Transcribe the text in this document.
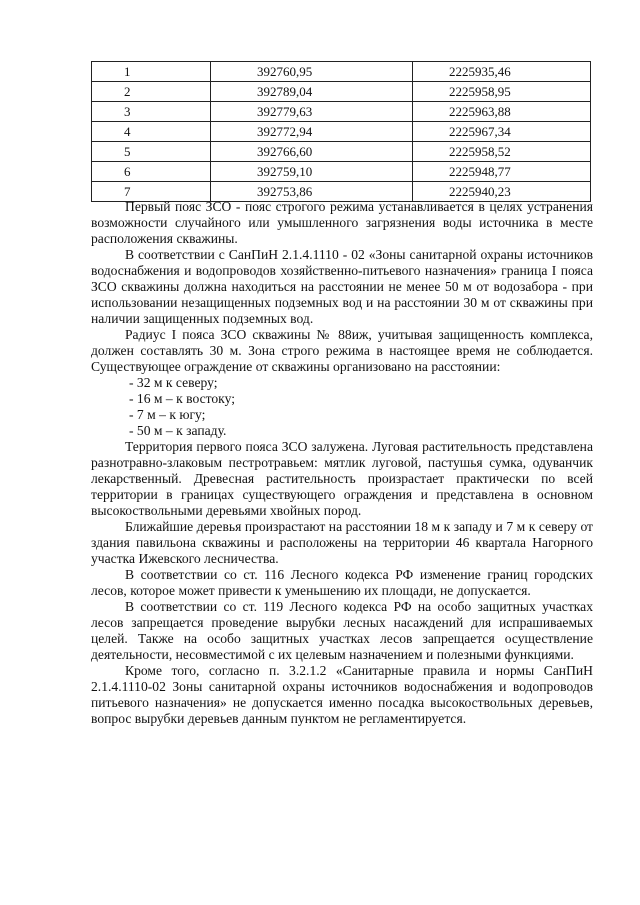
1	392760,95	2225935,46
2	392789,04	2225958,95
3	392779,63	2225963,88
4	392772,94	2225967,34
5	392766,60	2225958,52
6	392759,10	2225948,77
7	392753,86	2225940,23

Первый пояс ЗСО - пояс строгого режима устанавливается в целях устранения возможности случайного или умышленного загрязнения воды источника в месте расположения скважины.

В соответствии с СанПиН 2.1.4.1110 - 02 «Зоны санитарной охраны источников водоснабжения и водопроводов хозяйственно-питьевого назначения» граница I пояса ЗСО скважины должна находиться на расстоянии не менее 50 м от водозабора - при использовании незащищенных подземных вод и на расстоянии 30 м от скважины при наличии защищенных подземных вод.

Радиус I пояса ЗСО скважины № 88иж, учитывая защищенность комплекса, должен составлять 30 м. Зона строго режима в настоящее время не соблюдается. Существующее ограждение от скважины организовано на расстоянии:

- 32 м к северу;
- 16 м – к востоку;
- 7 м – к югу;
- 50 м – к западу.

Территория первого пояса ЗСО залужена. Луговая растительность представлена разнотравно-злаковым пестротравьем: мятлик луговой, пастушья сумка, одуванчик лекарственный. Древесная растительность произрастает практически по всей территории в границах существующего ограждения и представлена в основном высокоствольными деревьями хвойных пород.

Ближайшие деревья произрастают на расстоянии 18 м к западу и 7 м к северу от здания павильона скважины и расположены на территории 46 квартала Нагорного участка Ижевского лесничества.

В соответствии со ст. 116 Лесного кодекса РФ изменение границ городских лесов, которое может привести к уменьшению их площади, не допускается.

В соответствии со ст. 119 Лесного кодекса РФ на особо защитных участках лесов запрещается проведение вырубки лесных насаждений для испрашиваемых целей. Также на особо защитных участках лесов запрещается осуществление деятельности, несовместимой с их целевым назначением и полезными функциями.

Кроме того, согласно п. 3.2.1.2 «Санитарные правила и нормы СанПиН 2.1.4.1110-02 Зоны санитарной охраны источников водоснабжения и водопроводов питьевого назначения» не допускается именно посадка высокоствольных деревьев, вопрос вырубки деревьев данным пунктом не регламентируется.
